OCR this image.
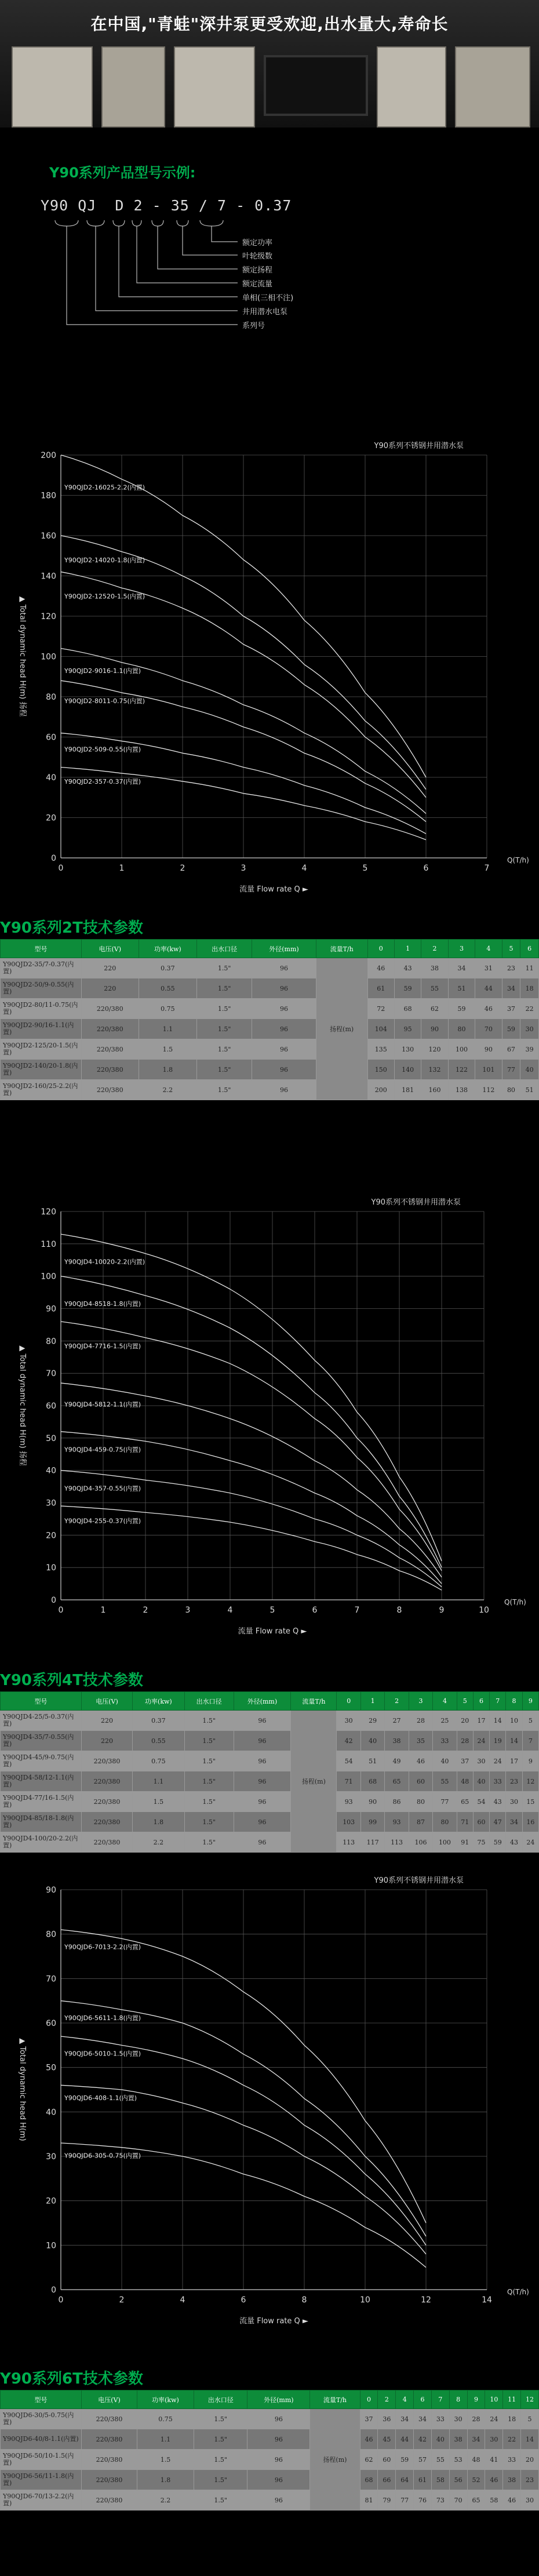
在中国,"青蛙"深井泵更受欢迎,出水量大,寿命长
Y90系列产品型号示例:
Y90 QJ  D 2 - 35 / 7 - 0.37
额定功率
叶轮级数
额定扬程
额定流量
单相(三相不注)
井用潜水电泵
系列号
Y90系列不锈钢井用潜水泵
0	1	2	3	4	5	6	7
0
20
40
60
80
100
120
140
160
180
200
Q(T/h)
流量 Flow rate Q ►
▲ Total dynamic head H(m) 扬程
Y90QJD2-16025-2.2(内置)
Y90QJD2-14020-1.8(内置)
Y90QJD2-12520-1.5(内置)
Y90QJD2-9016-1.1(内置)
Y90QJD2-8011-0.75(内置)
Y90QJD2-509-0.55(内置)
Y90QJD2-357-0.37(内置)
Y90系列2T技术参数
型号	电压(V)	功率(kw)	出水口径	外径(mm)	流量T/h	0	1	2	3	4	5	6
Y90QJD2-35/7-0.37(内置)	220	0.37	1.5"	96	扬程(m)	46	43	38	34	31	23	11
Y90QJD2-50/9-0.55(内置)	220	0.55	1.5"	96		61	59	55	51	44	34	18
Y90QJD2-80/11-0.75(内置)	220/380	0.75	1.5"	96		72	68	62	59	46	37	22
Y90QJD2-90/16-1.1(内置)	220/380	1.1	1.5"	96		104	95	90	80	70	59	30
Y90QJD2-125/20-1.5(内置)	220/380	1.5	1.5"	96		135	130	120	100	90	67	39
Y90QJD2-140/20-1.8(内置)	220/380	1.8	1.5"	96		150	140	132	122	101	77	40
Y90QJD2-160/25-2.2(内置)	220/380	2.2	1.5"	96		200	181	160	138	112	80	51
Y90系列不锈钢井用潜水泵
0	1	2	3	4	5	6	7	8	9	10
0
10
20
30
40
50
60
70
80
90
100
110
120
Q(T/h)
流量 Flow rate Q ►
▲ Total dynamic head H(m) 扬程
Y90QJD4-10020-2.2(内置)
Y90QJD4-8518-1.8(内置)
Y90QJD4-7716-1.5(内置)
Y90QJD4-5812-1.1(内置)
Y90QJD4-459-0.75(内置)
Y90QJD4-357-0.55(内置)
Y90QJD4-255-0.37(内置)
Y90系列4T技术参数
型号	电压(V)	功率(kw)	出水口径	外径(mm)	流量T/h	0	1	2	3	4	5	6	7	8	9
Y90QJD4-25/5-0.37(内置)	220	0.37	1.5"	96	扬程(m)	30	29	27	28	25	20	17	14	10	5
Y90QJD4-35/7-0.55(内置)	220	0.55	1.5"	96		42	40	38	35	33	28	24	19	14	7
Y90QJD4-45/9-0.75(内置)	220/380	0.75	1.5"	96		54	51	49	46	40	37	30	24	17	9
Y90QJD4-58/12-1.1(内置)	220/380	1.1	1.5"	96		71	68	65	60	55	48	40	33	23	12
Y90QJD4-77/16-1.5(内置)	220/380	1.5	1.5"	96		93	90	86	80	77	65	54	43	30	15
Y90QJD4-85/18-1.8(内置)	220/380	1.8	1.5"	96		103	99	93	87	80	71	60	47	34	16
Y90QJD4-100/20-2.2(内置)	220/380	2.2	1.5"	96		113	117	113	106	100	91	75	59	43	24
Y90系列不锈钢井用潜水泵
0	2	4	6	8	10	12	14
0
10
20
30
40
50
60
70
80
90
Q(T/h)
流量 Flow rate Q ►
▲ Total dynamic head H(m)
Y90QJD6-7013-2.2(内置)
Y90QJD6-5611-1.8(内置)
Y90QJD6-5010-1.5(内置)
Y90QJD6-408-1.1(内置)
Y90QJD6-305-0.75(内置)
Y90系列6T技术参数
型号	电压(V)	功率(kw)	出水口径	外径(mm)	流量T/h	0	2	4	6	7	8	9	10	11	12
Y90QJD6-30/5-0.75(内置)	220/380	0.75	1.5"	96	扬程(m)	37	36	34	34	33	30	28	24	18	5
Y90QJD6-40/8-1.1(内置)	220/380	1.1	1.5"	96		46	45	44	42	40	38	34	30	22	14
Y90QJD6-50/10-1.5(内置)	220/380	1.5	1.5"	96		62	60	59	57	55	53	48	41	33	20
Y90QJD6-56/11-1.8(内置)	220/380	1.8	1.5"	96		68	66	64	61	58	56	52	46	38	23
Y90QJD6-70/13-2.2(内置)	220/380	2.2	1.5"	96		81	79	77	76	73	70	65	58	46	30
